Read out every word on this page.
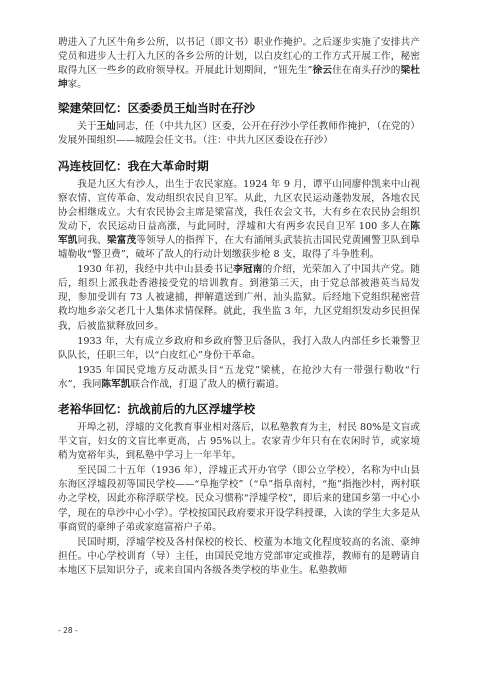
聘进入了九区牛角乡公所，以书记（即文书）职业作掩护。之后逐步实施了安排共产党员和进步人士打入九区的各乡公所的计划，以白皮红心的工作方式开展工作，秘密取得九区一些乡的政府领导权。开展此计划期间，“钮先生”徐云住在南头孖沙的梁杜坤家。

梁建荣回忆：区委委员王灿当时在孖沙

关于王灿同志，任（中共九区）区委，公开在孖沙小学任教师作掩护，（在党的）发展外围组织——城隍会任文书。（注：中共九区区委设在孖沙）

冯连枝回忆：我在大革命时期

我是九区大有沙人，出生于农民家庭。1924 年 9 月，谭平山同廖仲凯来中山视察农情、宣传革命、发动组织农民自卫军。从此，九区农民运动蓬勃发展，各地农民协会相继成立。大有农民协会主席是梁富茂，我任农会文书，大有乡在农民协会组织发动下，农民运动日益高涨，与此同时，浮墟和大有两乡农民自卫军 100 多人在陈军凯同我、梁富茂等领导人的指挥下，在大有涌闸头武装抗击国民党黄圃警卫队到阜墟勒收“警卫费”，破坏了敌人的行动计划缴获步枪 8 支，取得了斗争胜利。

1930 年初，我经中共中山县委书记李冠南的介绍，光荣加入了中国共产党。随后，组织上派我赴香港接受党的培训教育。到港第三天，由于党总部被港英当局发现，参加受训有 73 人被逮捕，押解遣送到广州、汕头监狱。后经地下党组织秘密营救均地乡亲父老几十人集体求情保释。就此，我坐监 3 年，九区党组织发动乡民担保我，后被监狱释放回乡。

1933 年，大有成立乡政府和乡政府警卫后备队，我打入敌人内部任乡长兼警卫队队长，任职三年，以“白皮红心”身份干革命。

1935 年国民党地方反动派头目“五龙党”梁桃，在抢沙大有一带强行勒收“行水”，我同陈军凯联合作战，打退了敌人的横行霸道。

老裕华回忆：抗战前后的九区浮墟学校

开埠之初，浮墟的文化教育事业相对落后，以私塾教育为主，村民 80%是文盲或半文盲，妇女的文盲比率更高，占 95%以上。农家青少年只有在农闲时节，或家境稍为宽裕年头，到私塾中学习上一年半年。

至民国二十五年（1936 年），浮墟正式开办官学（即公立学校），名称为中山县东海区浮墟段初等国民学校——“阜拖学校”（“阜”指阜南村，“拖”指拖沙村，两村联办之学校，因此亦称浮联学校。民众习惯称“浮墟学校”，即后来的建国乡第一中心小学，现在的阜沙中心小学）。学校按国民政府要求开设学科授课，入读的学生大多是从事商贸的豪绅子弟或家庭富裕户子弟。

民国时期，浮墟学校及各村保校的校长、校董为本地文化程度较高的名流、豪绅担任。中心学校训育（导）主任，由国民党地方党部审定或推荐，教师有的是聘请自本地区下层知识分子，或来自国内各级各类学校的毕业生。私塾教师

- 28 -
